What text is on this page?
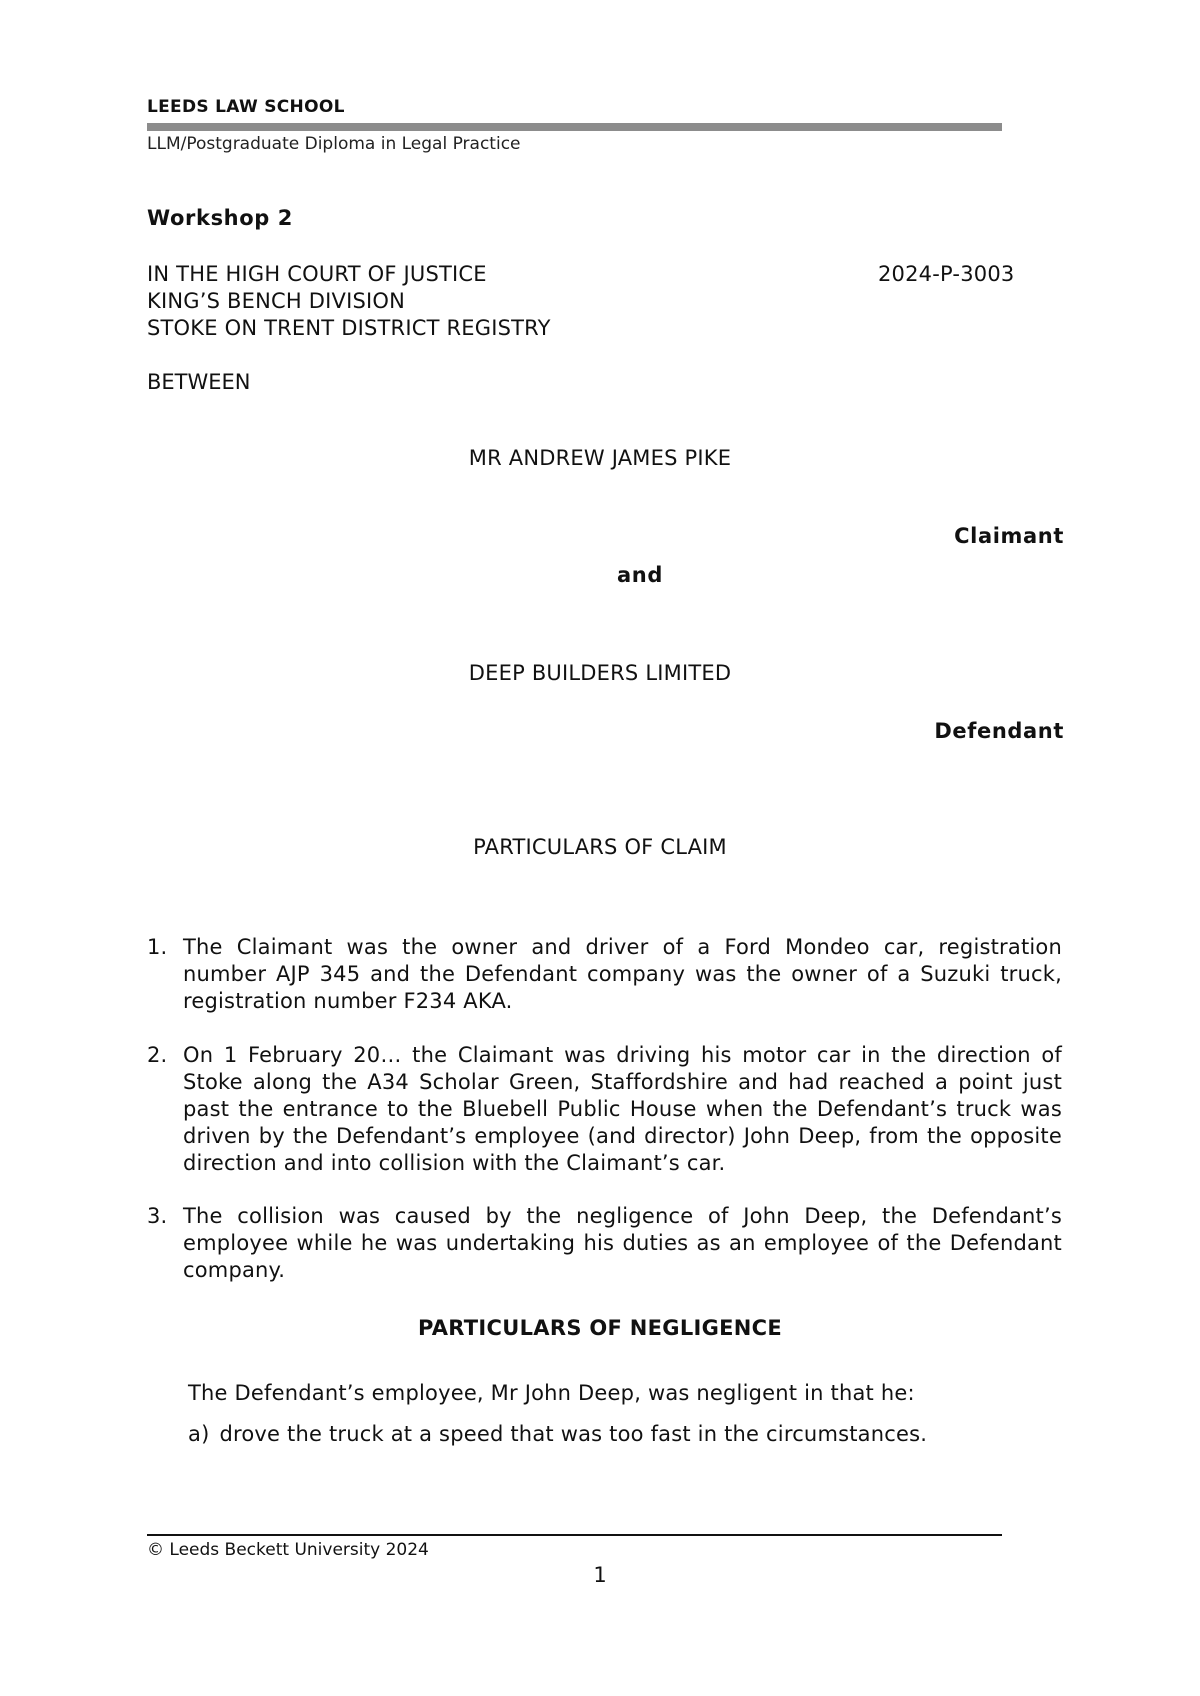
LEEDS LAW SCHOOL
LLM/Postgraduate Diploma in Legal Practice
Workshop 2
IN THE HIGH COURT OF JUSTICE
KING’S BENCH DIVISION
STOKE ON TRENT DISTRICT REGISTRY
2024-P-3003
BETWEEN
MR ANDREW JAMES PIKE
Claimant
and
DEEP BUILDERS LIMITED
Defendant
PARTICULARS OF CLAIM
1. The Claimant was the owner and driver of a Ford Mondeo car, registration number AJP 345 and the Defendant company was the owner of a Suzuki truck, registration number F234 AKA.
2. On 1 February 20… the Claimant was driving his motor car in the direction of Stoke along the A34 Scholar Green, Staffordshire and had reached a point just past the entrance to the Bluebell Public House when the Defendant’s truck was driven by the Defendant’s employee (and director) John Deep, from the opposite direction and into collision with the Claimant’s car.
3. The collision was caused by the negligence of John Deep, the Defendant’s employee while he was undertaking his duties as an employee of the Defendant company.
PARTICULARS OF NEGLIGENCE
The Defendant’s employee, Mr John Deep, was negligent in that he:
a) drove the truck at a speed that was too fast in the circumstances.
© Leeds Beckett University 2024
1
